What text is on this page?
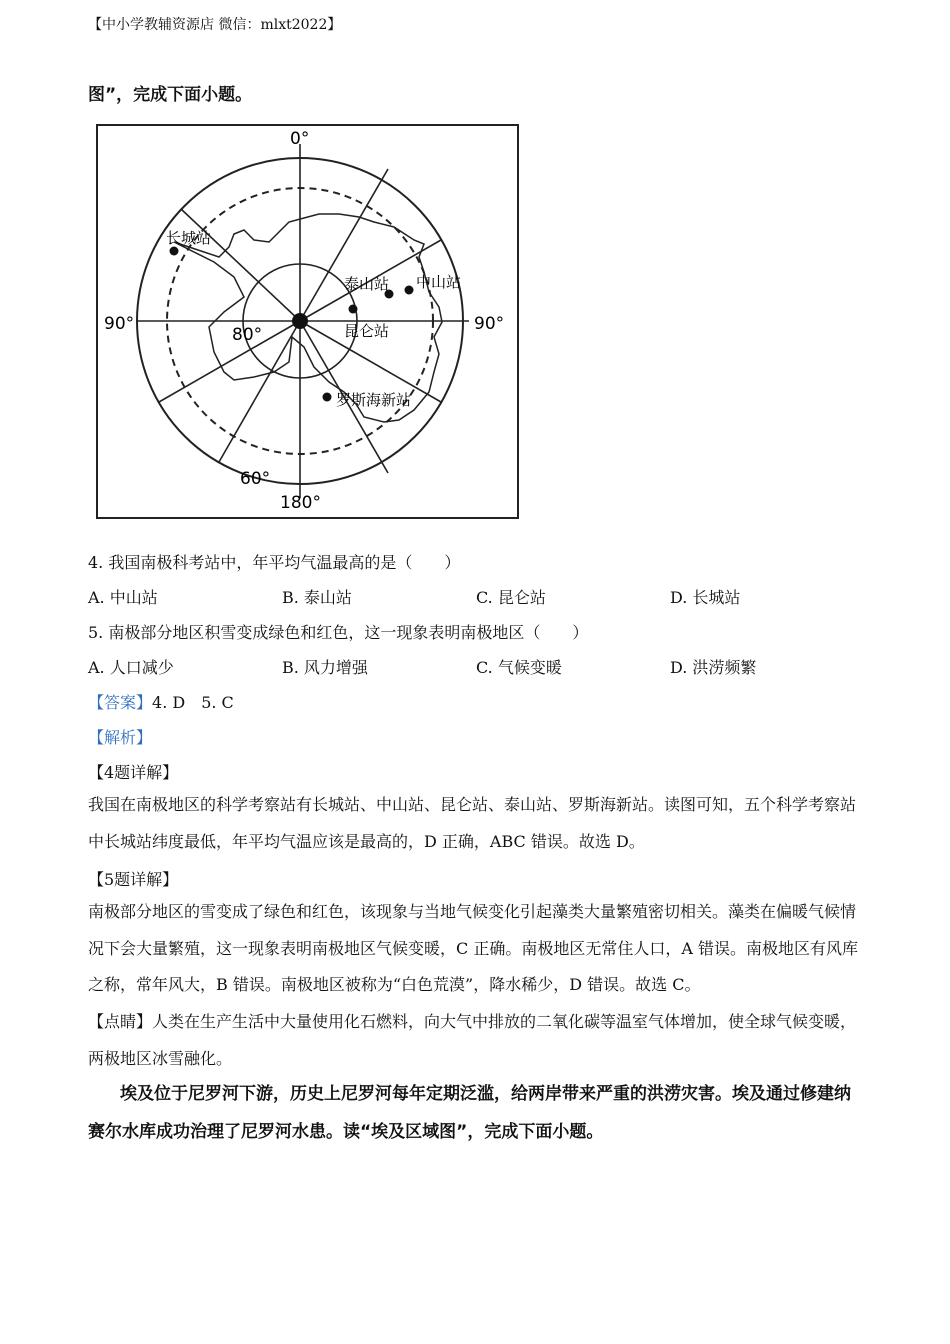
【中小学教辅资源店 微信：mlxt2022】
图”，完成下面小题。
0°
180°
90°	90°
80°
60°
长城站
泰山站 中山站
昆仑站
罗斯海新站
4. 我国南极科考站中，年平均气温最高的是（　　）
A. 中山站	B. 泰山站	C. 昆仑站	D. 长城站
5. 南极部分地区积雪变成绿色和红色，这一现象表明南极地区（　　）
A. 人口减少	B. 风力增强	C. 气候变暖	D. 洪涝频繁
【答案】4. D　5. C
【解析】
【4题详解】
我国在南极地区的科学考察站有长城站、中山站、昆仑站、泰山站、罗斯海新站。读图可知，五个科学考察站中长城站纬度最低，年平均气温应该是最高的，D 正确，ABC 错误。故选 D。
【5题详解】
南极部分地区的雪变成了绿色和红色，该现象与当地气候变化引起藻类大量繁殖密切相关。藻类在偏暖气候情况下会大量繁殖，这一现象表明南极地区气候变暖，C 正确。南极地区无常住人口，A 错误。南极地区有风库之称，常年风大，B 错误。南极地区被称为“白色荒漠”，降水稀少，D 错误。故选 C。
【点睛】人类在生产生活中大量使用化石燃料，向大气中排放的二氧化碳等温室气体增加，使全球气候变暖，两极地区冰雪融化。
埃及位于尼罗河下游，历史上尼罗河每年定期泛滥，给两岸带来严重的洪涝灾害。埃及通过修建纳赛尔水库成功治理了尼罗河水患。读“埃及区域图”，完成下面小题。
